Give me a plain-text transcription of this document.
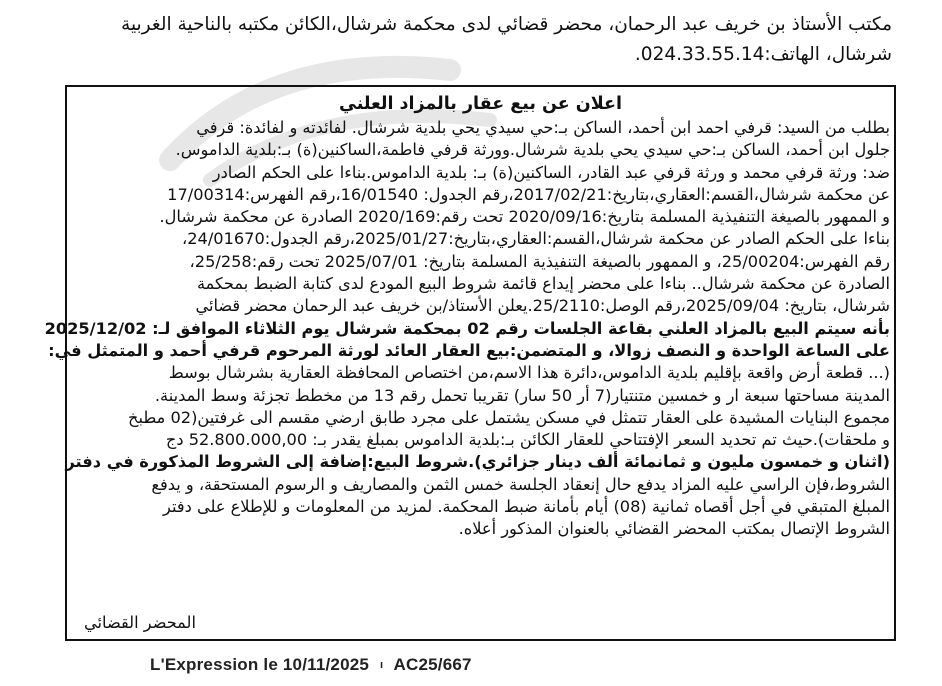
مكتب الأستاذ بن خريف عبد الرحمان، محضر قضائي لدى محكمة شرشال،الكائن مكتبه بالناحية الغربية

شرشال، الهاتف:024.33.55.14.

اعلان عن بيع عقار بالمزاد العلني
بطلب من السيد: قرفي احمد ابن أحمد، الساكن بـ:حي سيدي يحي بلدية شرشال. لفائدته و لفائدة: قرفي
جلول ابن أحمد، الساكن بـ:حي سيدي يحي بلدية شرشال.وورثة قرفي فاطمة،الساكنين(ة) بـ:بلدية الداموس.
ضد: ورثة قرفي محمد و ورثة قرفي عبد القادر، الساكنين(ة) بـ: بلدية الداموس.بناءا على الحكم الصادر
عن محكمة شرشال،القسم:العقاري،بتاريخ:2017/02/21،رقم الجدول: 16/01540،رقم الفهرس:17/00314
و الممهور بالصيغة التنفيذية المسلمة بتاريخ:2020/09/16 تحت رقم:2020/169 الصادرة عن محكمة شرشال.
بناءا على الحكم الصادر عن محكمة شرشال،القسم:العقاري،بتاريخ:2025/01/27،رقم الجدول:24/01670،
رقم الفهرس:25/00204، و الممهور بالصيغة التنفيذية المسلمة بتاريخ: 2025/07/01 تحت رقم:25/258،
الصادرة عن محكمة شرشال.. بناءا على محضر إيداع قائمة شروط البيع المودع لدى كتابة الضبط بمحكمة
شرشال، بتاريخ: 2025/09/04،رقم الوصل:25/2110.يعلن الأستاذ/بن خريف عبد الرحمان محضر قضائي
بأنه سيتم البيع بالمزاد العلني بقاعة الجلسات رقم 02 بمحكمة شرشال يوم الثلاثاء الموافق لـ: 2025/12/02
على الساعة الواحدة و النصف زوالا، و المتضمن:بيع العقار العائد لورثة المرحوم قرفي أحمد و المتمثل في:
(... قطعة أرض واقعة بإقليم بلدية الداموس،دائرة هذا الاسم،من اختصاص المحافظة العقارية بشرشال بوسط
المدينة مساحتها سبعة ار و خمسين متنتيار(7 أر 50 سار) تقريبا تحمل رقم 13 من مخطط تجزئة وسط المدينة.
مجموع البنايات المشيدة على العقار تتمثل في مسكن يشتمل على مجرد طابق ارضي مقسم الى غرفتين(02 مطبخ
و ملحقات).حيث تم تحديد السعر الإفتتاحي للعقار الكائن بـ:بلدية الداموس بمبلغ يقدر بـ: 52.800.000,00 دج
(اثنان و خمسون مليون و ثمانمائة ألف دينار جزائري).شروط البيع:إضافة إلى الشروط المذكورة في دفتر
الشروط،فإن الراسي عليه المزاد يدفع حال إنعقاد الجلسة خمس الثمن والمصاريف و الرسوم المستحقة، و يدفع
المبلغ المتبقي في أجل أقصاه ثمانية (08) أيام بأمانة ضبط المحكمة. لمزيد من المعلومات و للإطلاع على دفتر
الشروط الإتصال بمكتب المحضر القضائي بالعنوان المذكور أعلاه.
المحضر القضائي
L'Expression le 10/11/2025 ı AC25/667
